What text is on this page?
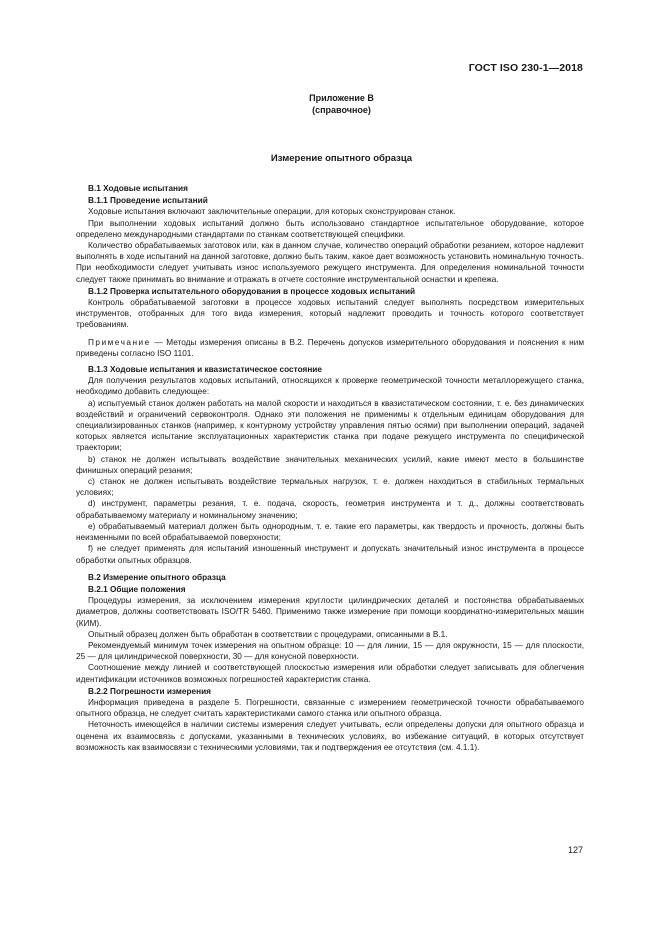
ГОСТ ISO 230-1—2018
Приложение В
(справочное)
Измерение опытного образца

В.1 Ходовые испытания

В.1.1 Проведение испытаний

Ходовые испытания включают заключительные операции, для которых сконструирован станок.

При выполнении ходовых испытаний должно быть использовано стандартное испытательное оборудование, которое определено международными стандартами по станкам соответствующей специфики.

Количество обрабатываемых заготовок или, как в данном случае, количество операций обработки резанием, которое надлежит выполнять в ходе испытаний на данной заготовке, должно быть таким, какое дает возможность установить номинальную точность. При необходимости следует учитывать износ используемого режущего инструмента. Для определения номинальной точности следует также принимать во внимание и отражать в отчете состояние инструментальной оснастки и крепежа.

В.1.2 Проверка испытательного оборудования в процессе ходовых испытаний

Контроль обрабатываемой заготовки в процессе ходовых испытаний следует выполнять посредством измерительных инструментов, отобранных для того вида измерения, который надлежит проводить и точность которого соответствует требованиям.

Примечание — Методы измерения описаны в В.2. Перечень допусков измерительного оборудования и пояснения к ним приведены согласно ISO 1101.

В.1.3 Ходовые испытания и квазистатическое состояние

Для получения результатов ходовых испытаний, относящихся к проверке геометрической точности металлорежущего станка, необходимо добавить следующее:

а) испытуемый станок должен работать на малой скорости и находиться в квазистатическом состоянии, т. е. без динамических воздействий и ограничений сервоконтроля. Однако эти положения не применимы к отдельным единицам оборудования для специализированных станков (например, к контурному устройству управления пятью осями) при выполнении операций, задачей которых является испытание эксплуатационных характеристик станка при подаче режущего инструмента по специфической траектории;

b) станок не должен испытывать воздействие значительных механических усилий, какие имеют место в большинстве финишных операций резания;

c) станок не должен испытывать воздействие термальных нагрузок, т. е. должен находиться в стабильных термальных условиях;

d) инструмент, параметры резания, т. е. подача, скорость, геометрия инструмента и т. д., должны соответствовать обрабатываемому материалу и номинальному значению;

e) обрабатываемый материал должен быть однородным, т. е. такие его параметры, как твердость и прочность, должны быть неизменными по всей обрабатываемой поверхности;

f) не следует применять для испытаний изношенный инструмент и допускать значительный износ инструмента в процессе обработки опытных образцов.

В.2 Измерение опытного образца

В.2.1 Общие положения

Процедуры измерения, за исключением измерения круглости цилиндрических деталей и постоянства обрабатываемых диаметров, должны соответствовать ISO/TR 5460. Применимо также измерение при помощи координатно-измерительных машин (КИМ).

Опытный образец должен быть обработан в соответствии с процедурами, описанными в В.1.

Рекомендуемый минимум точек измерения на опытном образце: 10 — для линии, 15 — для окружности, 15 — для плоскости, 25 — для цилиндрической поверхности, 30 — для конусной поверхности.

Соотношение между линией и соответствующей плоскостью измерения или обработки следует записывать для облегчения идентификации источников возможных погрешностей характеристик станка.

В.2.2 Погрешности измерения

Информация приведена в разделе 5. Погрешности, связанные с измерением геометрической точности обрабатываемого опытного образца, не следует считать характеристиками самого станка или опытного образца.

Неточность имеющейся в наличии системы измерения следует учитывать, если определены допуски для опытного образца и оценена их взаимосвязь с допусками, указанными в технических условиях, во избежание ситуаций, в которых отсутствует возможность как взаимосвязи с техническими условиями, так и подтверждения ее отсутствия (см. 4.1.1).

127
